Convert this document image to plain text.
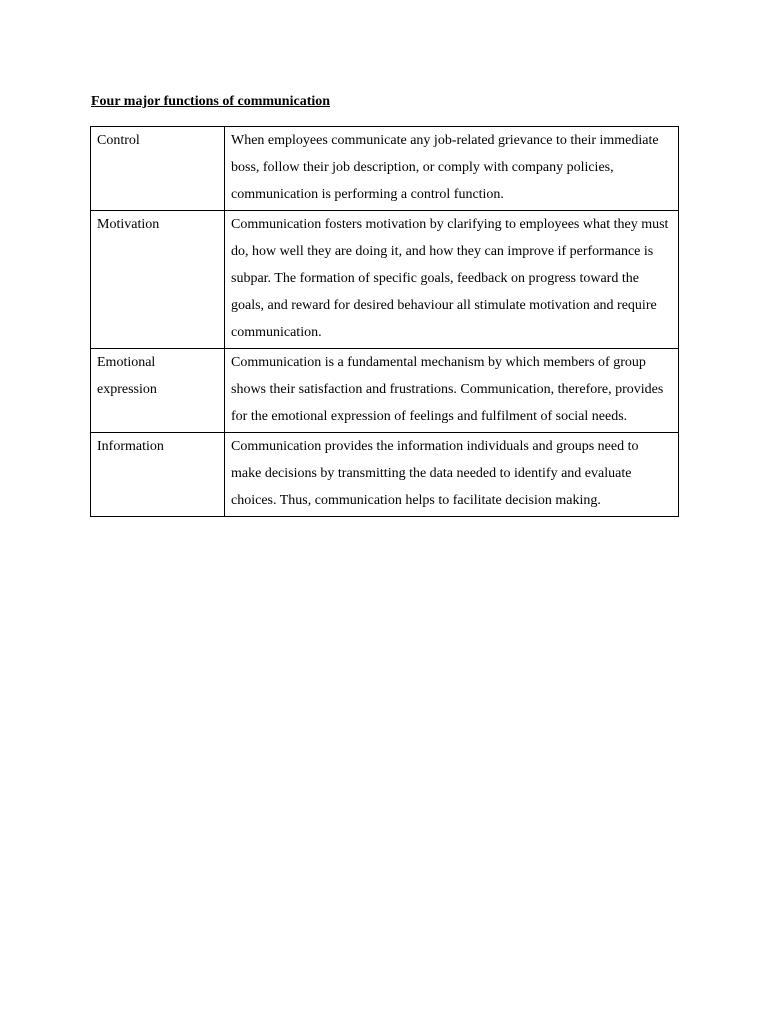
Four major functions of communication
Control	When employees communicate any job-related grievance to their immediate boss, follow their job description, or comply with company policies, communication is performing a control function.
Motivation	Communication fosters motivation by clarifying to employees what they must do, how well they are doing it, and how they can improve if performance is subpar. The formation of specific goals, feedback on progress toward the goals, and reward for desired behaviour all stimulate motivation and require communication.
Emotional expression	Communication is a fundamental mechanism by which members of group shows their satisfaction and frustrations. Communication, therefore, provides for the emotional expression of feelings and fulfilment of social needs.
Information	Communication provides the information individuals and groups need to make decisions by transmitting the data needed to identify and evaluate choices. Thus, communication helps to facilitate decision making.
